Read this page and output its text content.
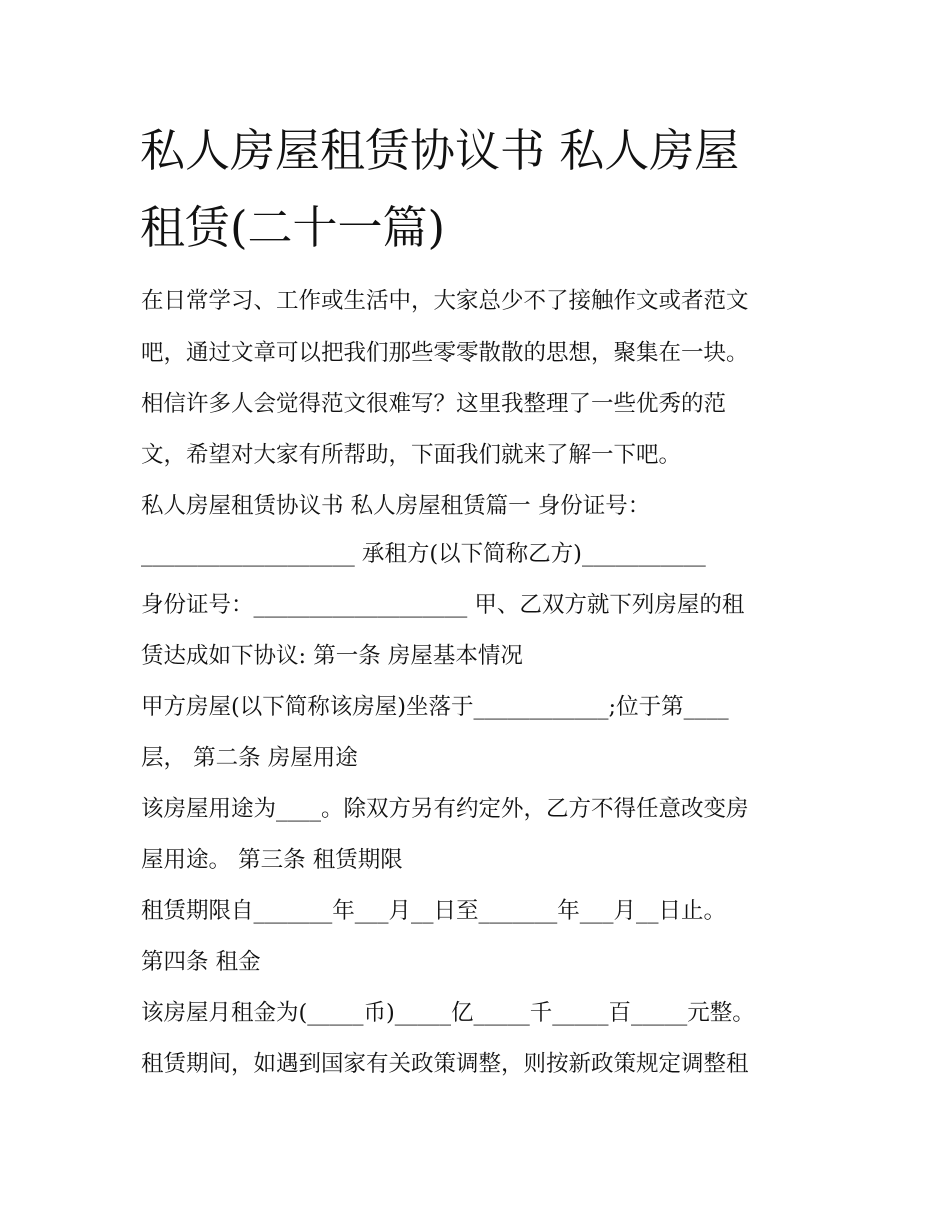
私人房屋租赁协议书 私人房屋
租赁(二十一篇)

在日常学习、工作或生活中，大家总少不了接触作文或者范文

吧，通过文章可以把我们那些零零散散的思想，聚集在一块。

相信许多人会觉得范文很难写？这里我整理了一些优秀的范

文，希望对大家有所帮助，下面我们就来了解一下吧。

私人房屋租赁协议书 私人房屋租赁篇一 身份证号：

___________________ 承租方(以下简称乙方)___________

身份证号：___________________ 甲、乙双方就下列房屋的租

赁达成如下协议: 第一条 房屋基本情况

甲方房屋(以下简称该房屋)坐落于____________;位于第____

层， 第二条 房屋用途

该房屋用途为____。除双方另有约定外，乙方不得任意改变房

屋用途。 第三条 租赁期限

租赁期限自_______年___月__日至_______年___月__日止。

第四条 租金

该房屋月租金为(_____币)_____亿_____千_____百_____元整。

租赁期间，如遇到国家有关政策调整，则按新政策规定调整租
